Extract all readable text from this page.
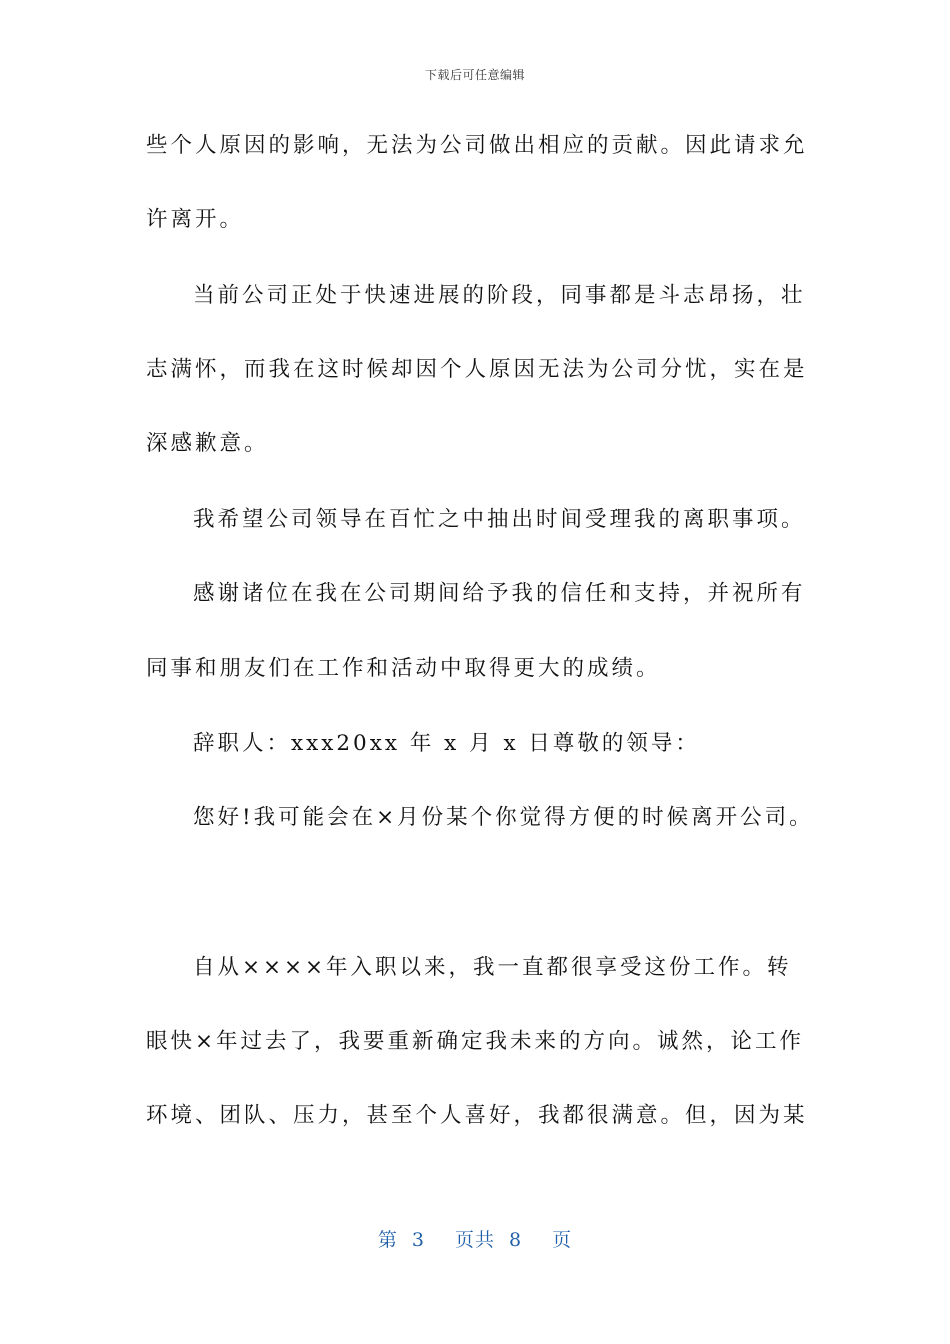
下载后可任意编辑
些个人原因的影响，无法为公司做出相应的贡献。因此请求允
许离开。
当前公司正处于快速进展的阶段，同事都是斗志昂扬，壮
志满怀，而我在这时候却因个人原因无法为公司分忧，实在是
深感歉意。
我希望公司领导在百忙之中抽出时间受理我的离职事项。
感谢诸位在我在公司期间给予我的信任和支持，并祝所有
同事和朋友们在工作和活动中取得更大的成绩。
辞职人：xxx20xx 年 x 月 x 日尊敬的领导：
您好!我可能会在×月份某个你觉得方便的时候离开公司。
自从××××年入职以来，我一直都很享受这份工作。转
眼快×年过去了，我要重新确定我未来的方向。诚然，论工作
环境、团队、压力，甚至个人喜好，我都很满意。但，因为某
第 3 页共 8 页
